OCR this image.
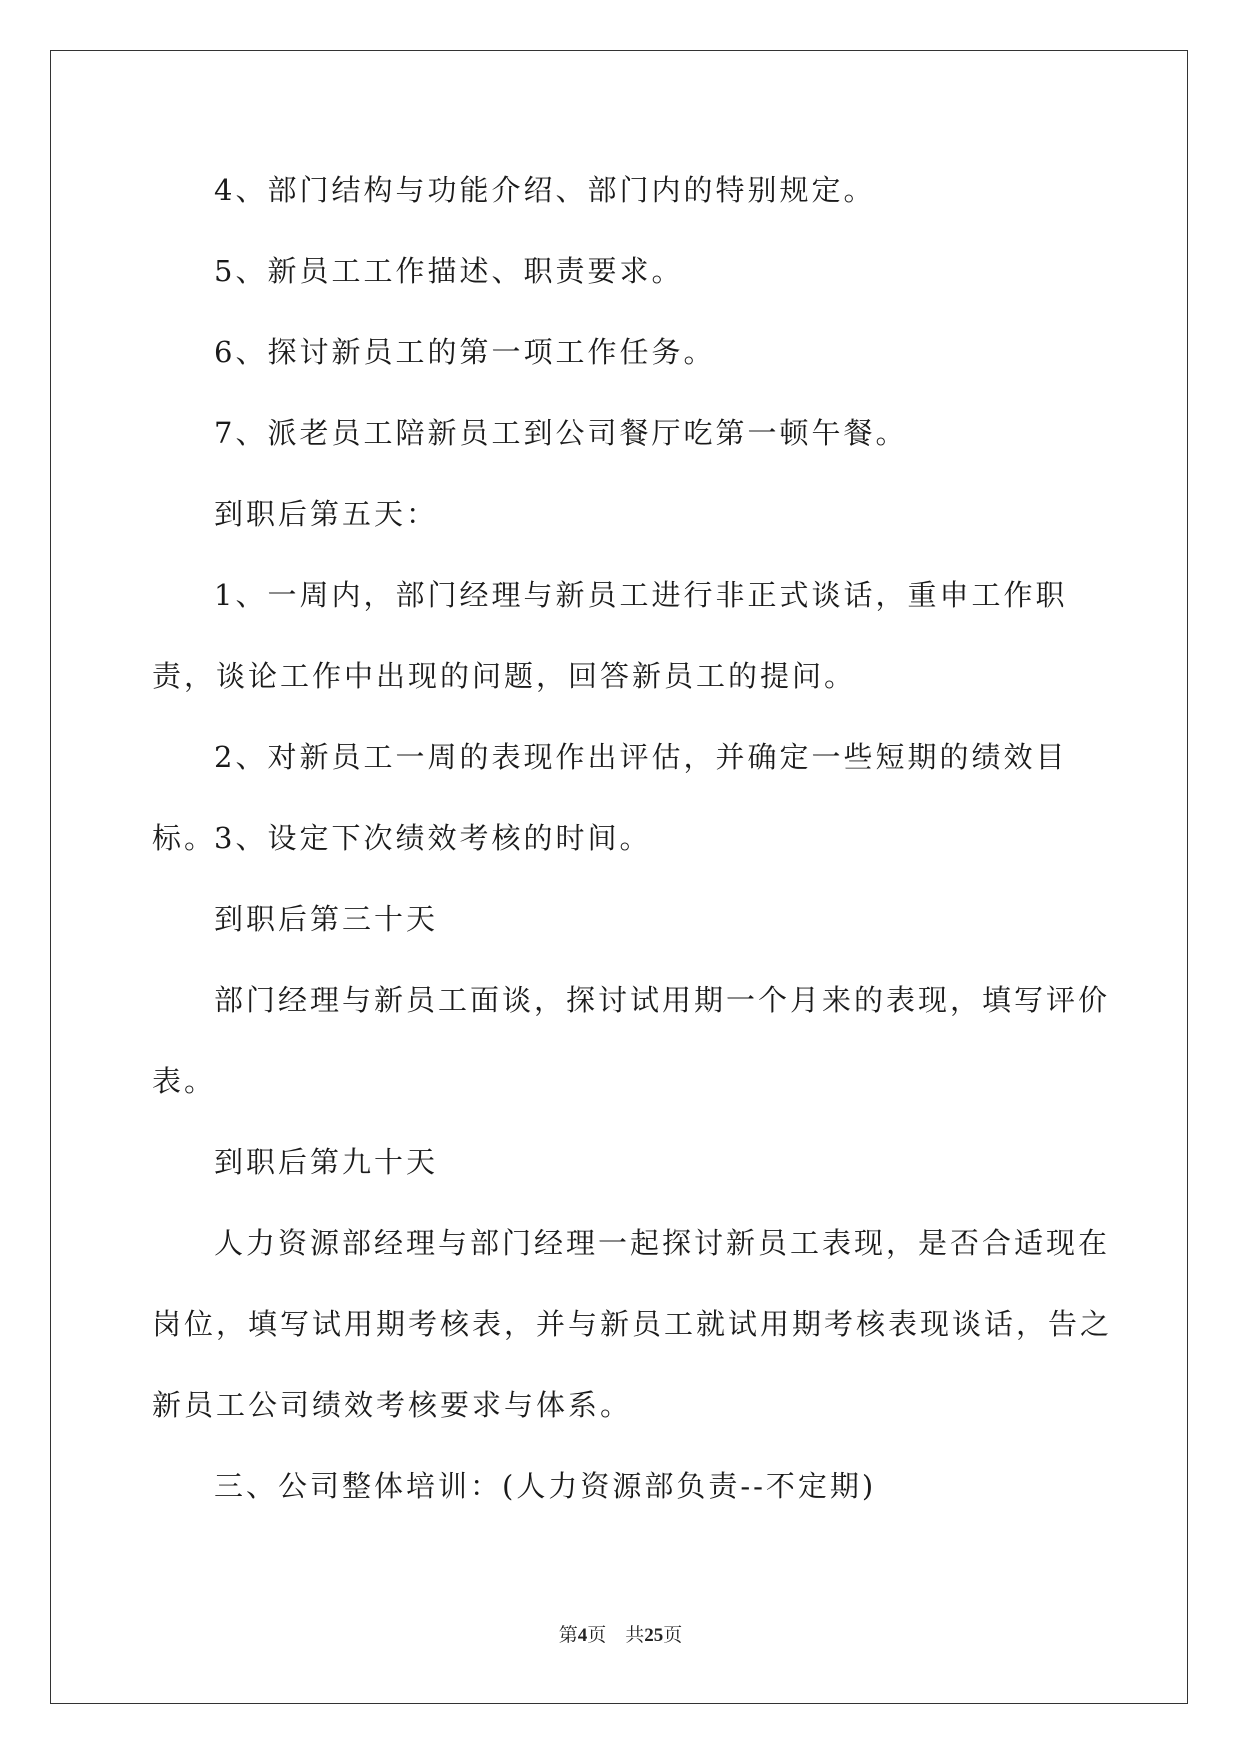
4、部门结构与功能介绍、部门内的特别规定。

5、新员工工作描述、职责要求。

6、探讨新员工的第一项工作任务。

7、派老员工陪新员工到公司餐厅吃第一顿午餐。

到职后第五天：

1、一周内，部门经理与新员工进行非正式谈话，重申工作职责，谈论工作中出现的问题，回答新员工的提问。

2、对新员工一周的表现作出评估，并确定一些短期的绩效目标。

3、设定下次绩效考核的时间。

到职后第三十天

部门经理与新员工面谈，探讨试用期一个月来的表现，填写评价表。

到职后第九十天

人力资源部经理与部门经理一起探讨新员工表现，是否合适现在岗位，填写试用期考核表，并与新员工就试用期考核表现谈话，告之新员工公司绩效考核要求与体系。

三、公司整体培训：(人力资源部负责--不定期)

第4页　共25页
